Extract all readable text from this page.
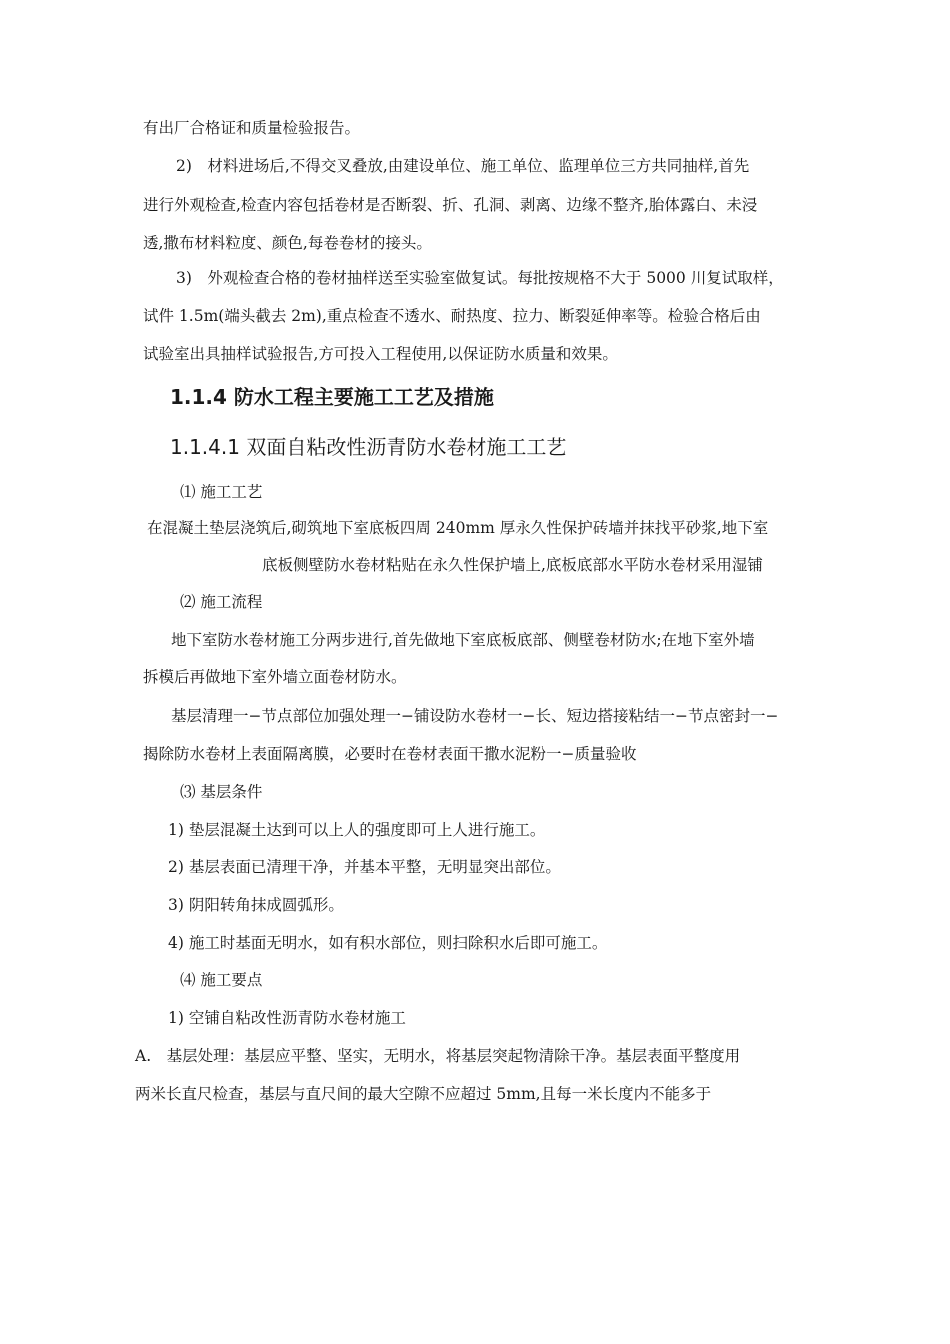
有出厂合格证和质量检验报告。
2)　材料进场后,不得交叉叠放,由建设单位、施工单位、监理单位三方共同抽样,首先
进行外观检查,检查内容包括卷材是否断裂、折、孔洞、剥离、边缘不整齐,胎体露白、未浸
透,撒布材料粒度、颜色,每卷卷材的接头。
3)　外观检查合格的卷材抽样送至实验室做复试。每批按规格不大于 5000 川复试取样，
试件 1.5m(端头截去 2m),重点检查不透水、耐热度、拉力、断裂延伸率等。检验合格后由
试验室出具抽样试验报告,方可投入工程使用,以保证防水质量和效果。
1.1.4 防水工程主要施工工艺及措施
1.1.4.1 双面自粘改性沥青防水卷材施工工艺
⑴ 施工工艺
在混凝土垫层浇筑后,砌筑地下室底板四周 240mm 厚永久性保护砖墙并抹找平砂浆,地下室
底板侧壁防水卷材粘贴在永久性保护墙上,底板底部水平防水卷材采用湿铺
⑵ 施工流程
地下室防水卷材施工分两步进行,首先做地下室底板底部、侧壁卷材防水;在地下室外墙
拆模后再做地下室外墙立面卷材防水。
基层清理一−节点部位加强处理一−铺设防水卷材一−长、短边搭接粘结一−节点密封一−
揭除防水卷材上表面隔离膜，必要时在卷材表面干撒水泥粉一−质量验收
⑶ 基层条件
1) 垫层混凝土达到可以上人的强度即可上人进行施工。
2) 基层表面已清理干净，并基本平整，无明显突出部位。
3) 阴阳转角抹成圆弧形。
4) 施工时基面无明水，如有积水部位，则扫除积水后即可施工。
⑷ 施工要点
1) 空铺自粘改性沥青防水卷材施工
A.　基层处理：基层应平整、坚实，无明水，将基层突起物清除干净。基层表面平整度用
两米长直尺检查，基层与直尺间的最大空隙不应超过 5mm,且每一米长度内不能多于
